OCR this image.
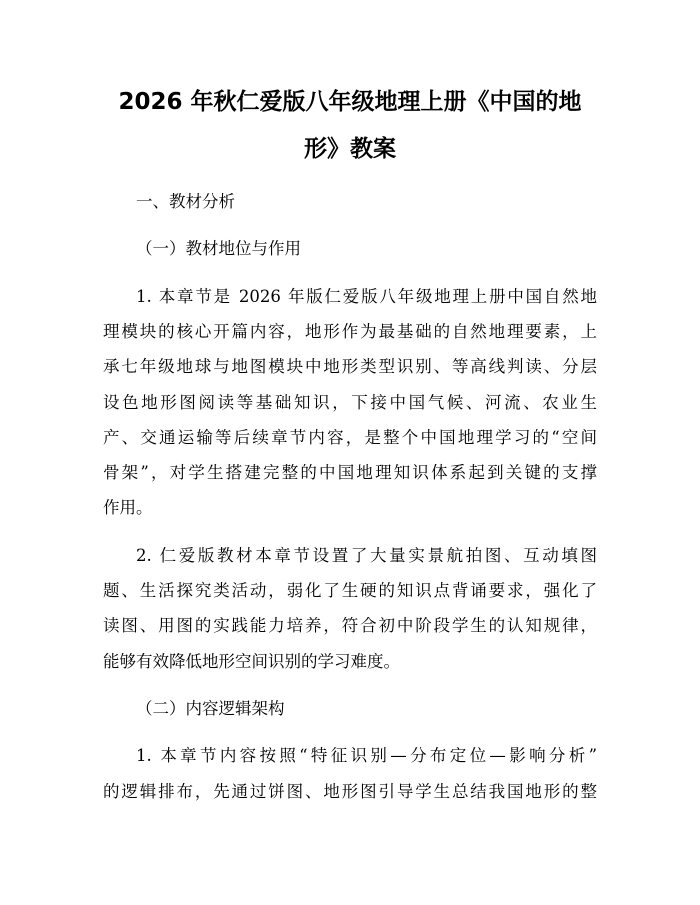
2026 年秋仁爱版八年级地理上册《中国的地
形》教案
一、教材分析
（一）教材地位与作用
1. 本章节是 2026 年版仁爱版八年级地理上册中国自然地
理模块的核心开篇内容，地形作为最基础的自然地理要素，上
承七年级地球与地图模块中地形类型识别、等高线判读、分层
设色地形图阅读等基础知识，下接中国气候、河流、农业生
产、交通运输等后续章节内容，是整个中国地理学习的“空间
骨架”，对学生搭建完整的中国地理知识体系起到关键的支撑
作用。
2. 仁爱版教材本章节设置了大量实景航拍图、互动填图
题、生活探究类活动，弱化了生硬的知识点背诵要求，强化了
读图、用图的实践能力培养，符合初中阶段学生的认知规律，
能够有效降低地形空间识别的学习难度。
（二）内容逻辑架构
1. 本章节内容按照“特征识别—分布定位—影响分析”
的逻辑排布，先通过饼图、地形图引导学生总结我国地形的整
